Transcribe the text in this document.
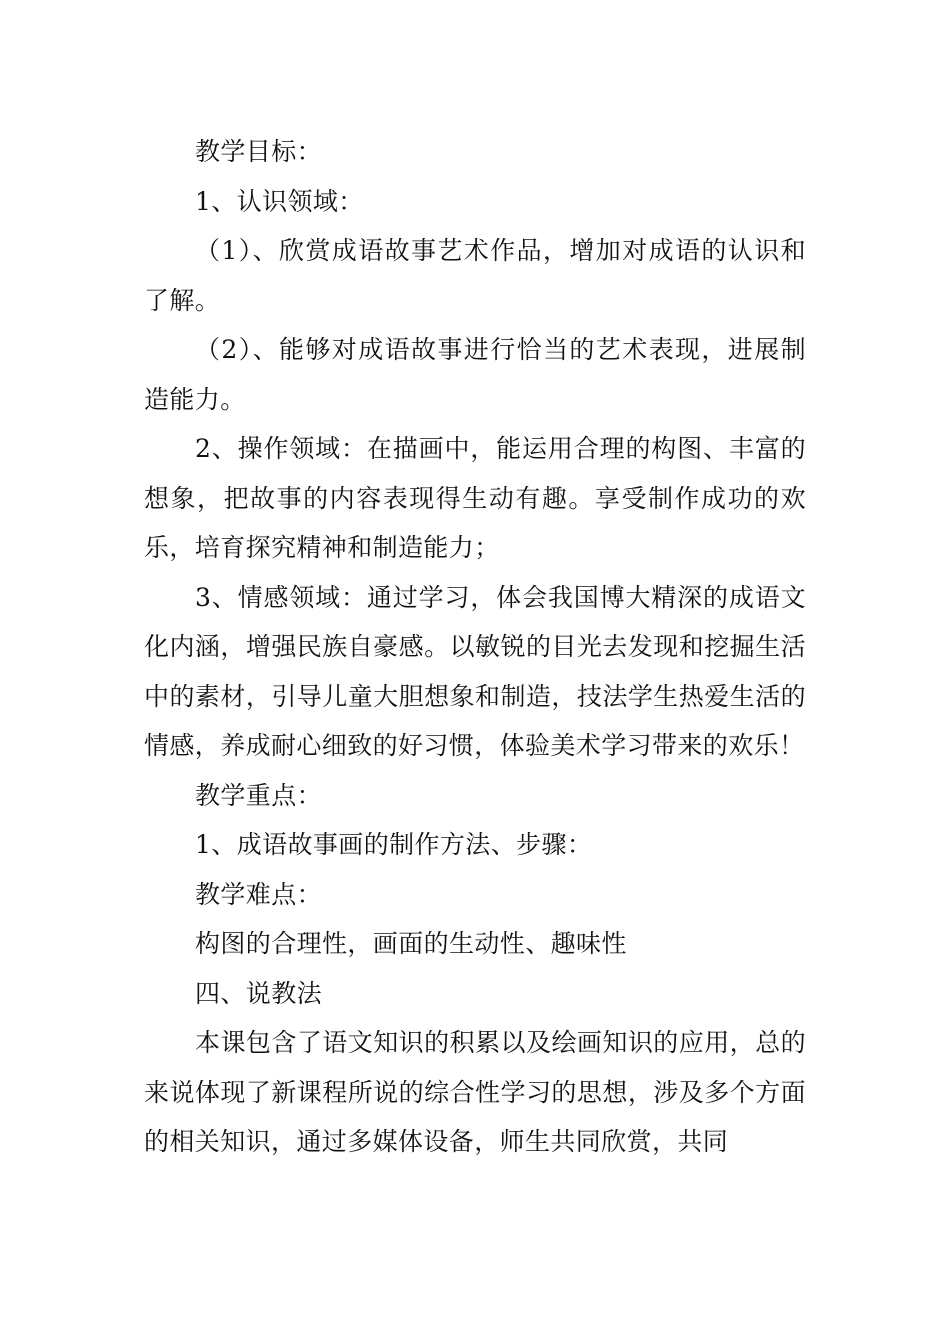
教学目标：

1、认识领域：

（1）、欣赏成语故事艺术作品，增加对成语的认识和了解。

（2）、能够对成语故事进行恰当的艺术表现，进展制造能力。

2、操作领域：在描画中，能运用合理的构图、丰富的想象，把故事的内容表现得生动有趣。享受制作成功的欢乐，培育探究精神和制造能力；

3、情感领域：通过学习，体会我国博大精深的成语文化内涵，增强民族自豪感。以敏锐的目光去发现和挖掘生活中的素材，引导儿童大胆想象和制造，技法学生热爱生活的情感，养成耐心细致的好习惯，体验美术学习带来的欢乐！

教学重点：

1、成语故事画的制作方法、步骤：

教学难点：

构图的合理性，画面的生动性、趣味性

四、说教法

本课包含了语文知识的积累以及绘画知识的应用，总的来说体现了新课程所说的综合性学习的思想，涉及多个方面的相关知识，通过多媒体设备，师生共同欣赏，共同
